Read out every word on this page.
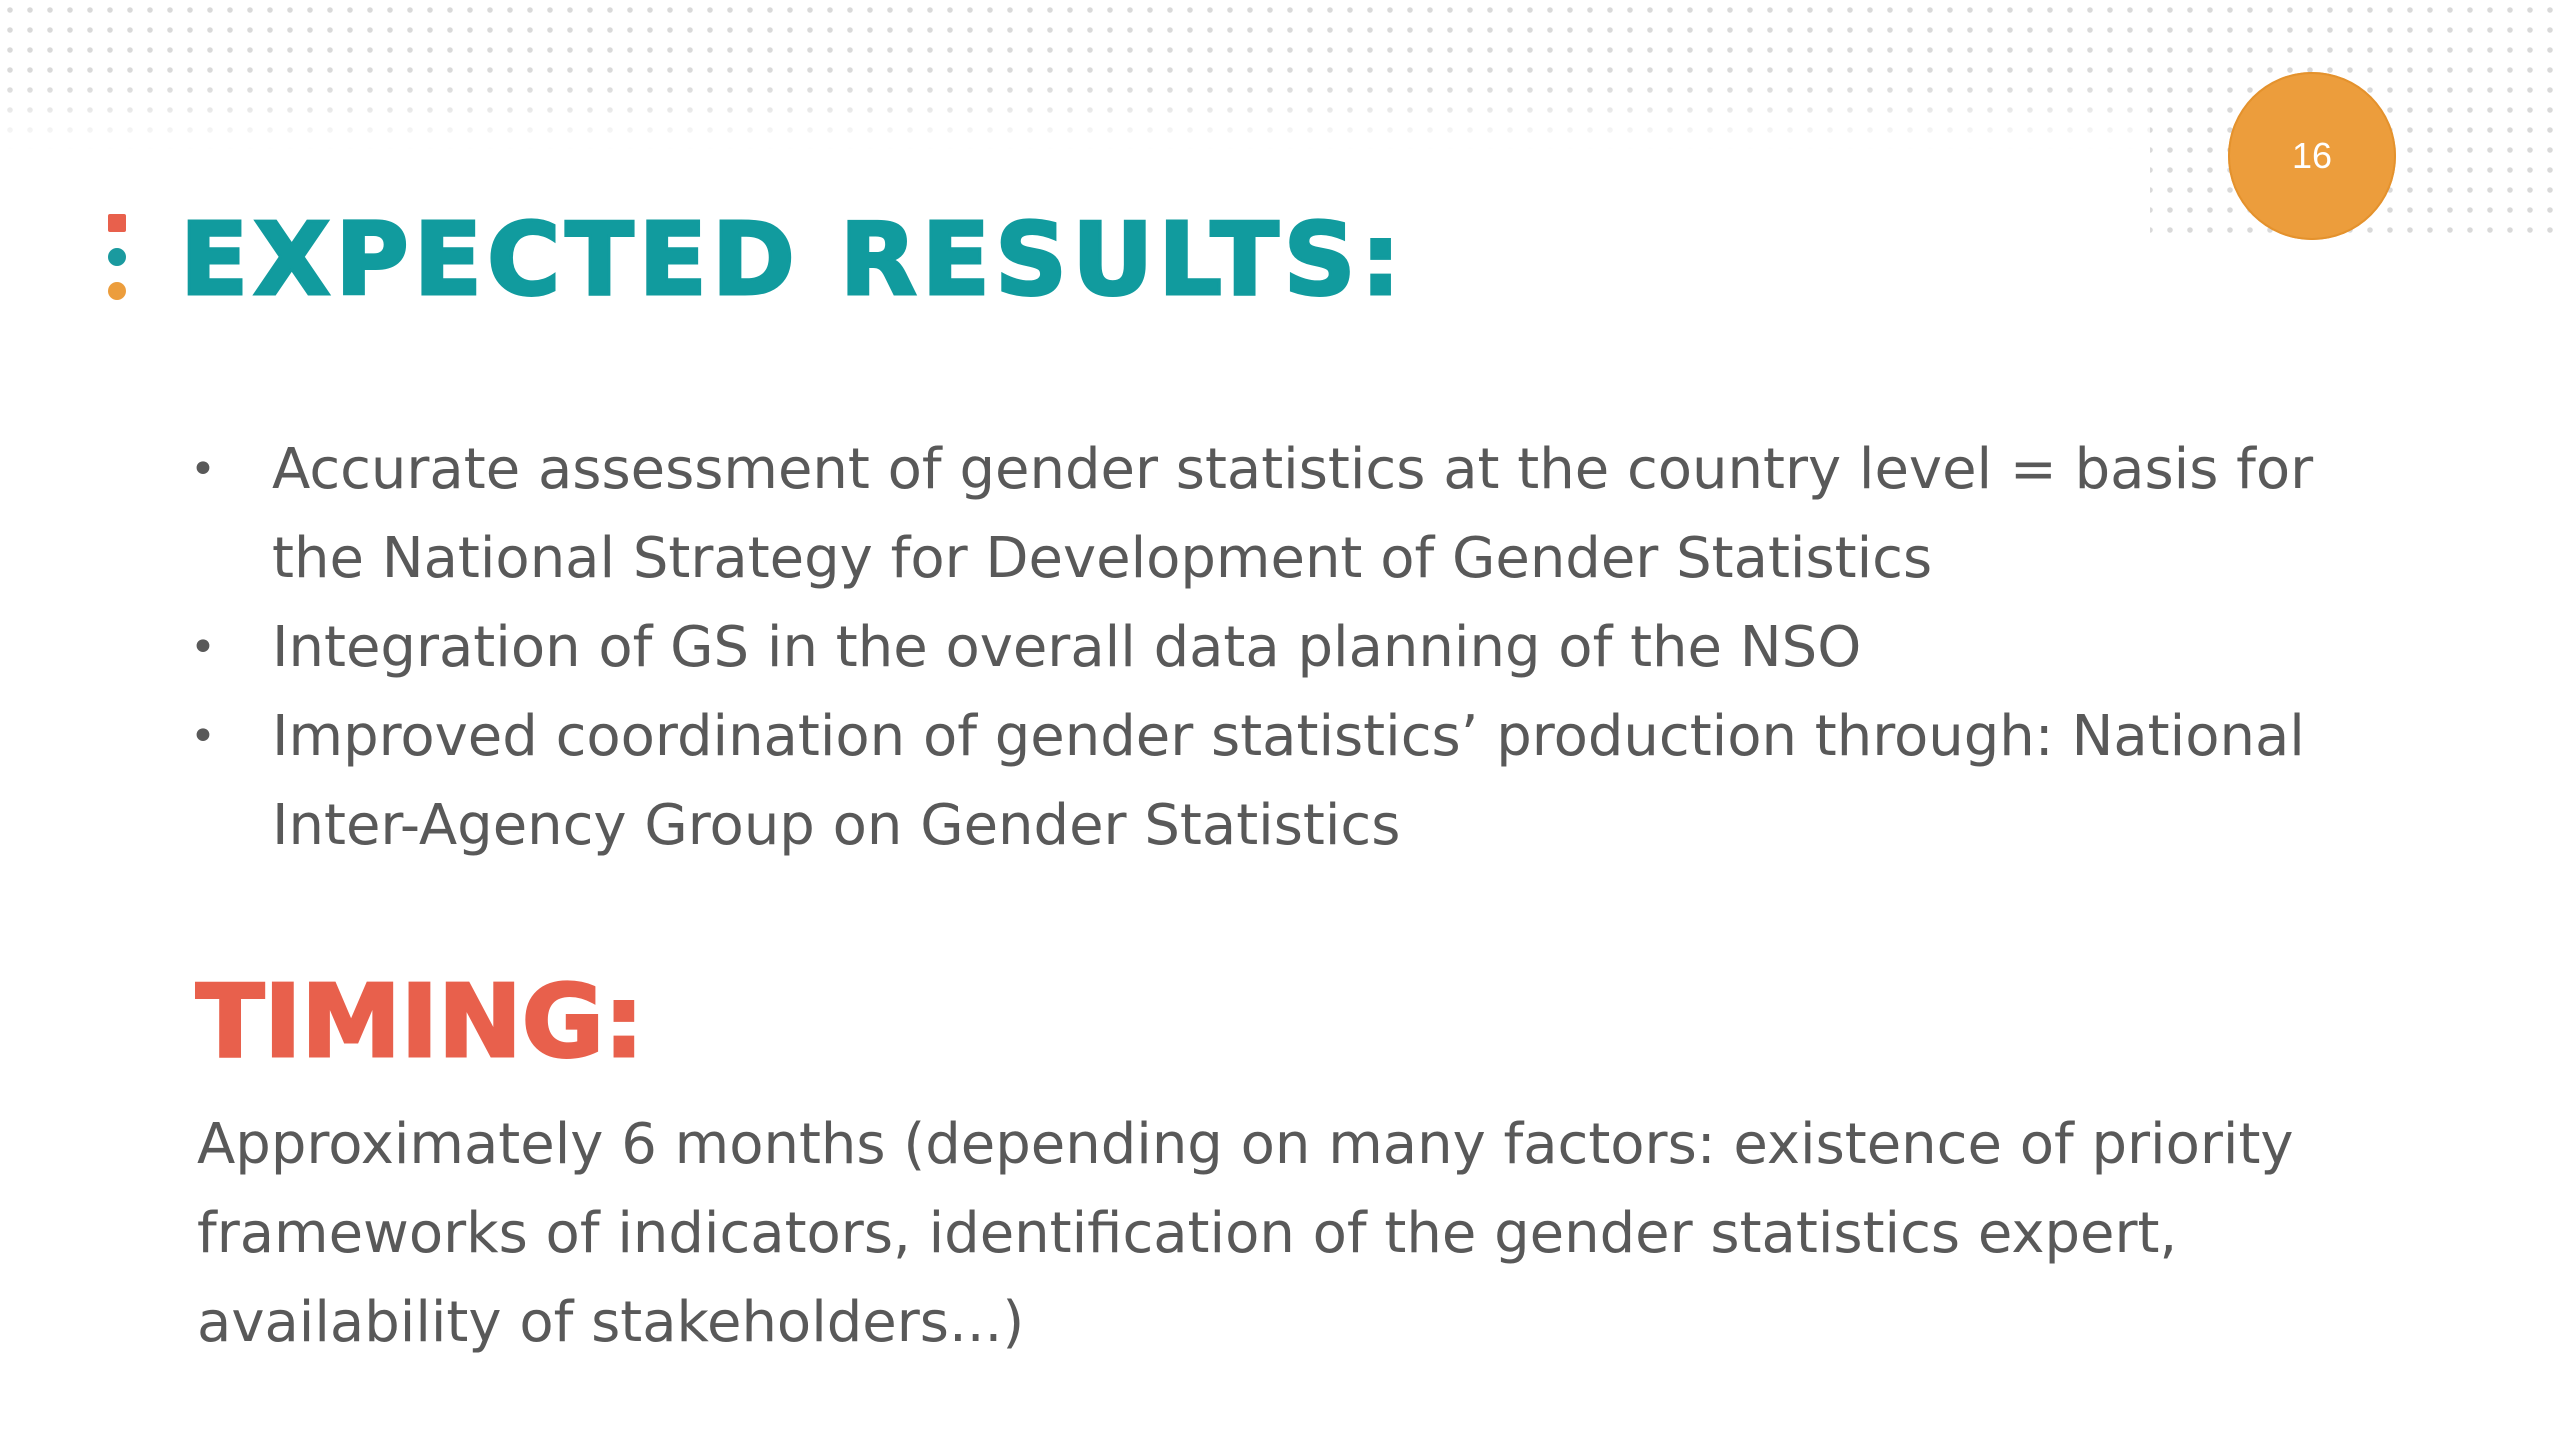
16
EXPECTED RESULTS:
• Accurate assessment of gender statistics at the country level = basis for the National Strategy for Development of Gender Statistics
• Integration of GS in the overall data planning of the NSO
• Improved coordination of gender statistics’ production through: National Inter-Agency Group on Gender Statistics
TIMING:

Approximately 6 months (depending on many factors: existence of priority frameworks of indicators, identification of the gender statistics expert, availability of stakeholders...)
